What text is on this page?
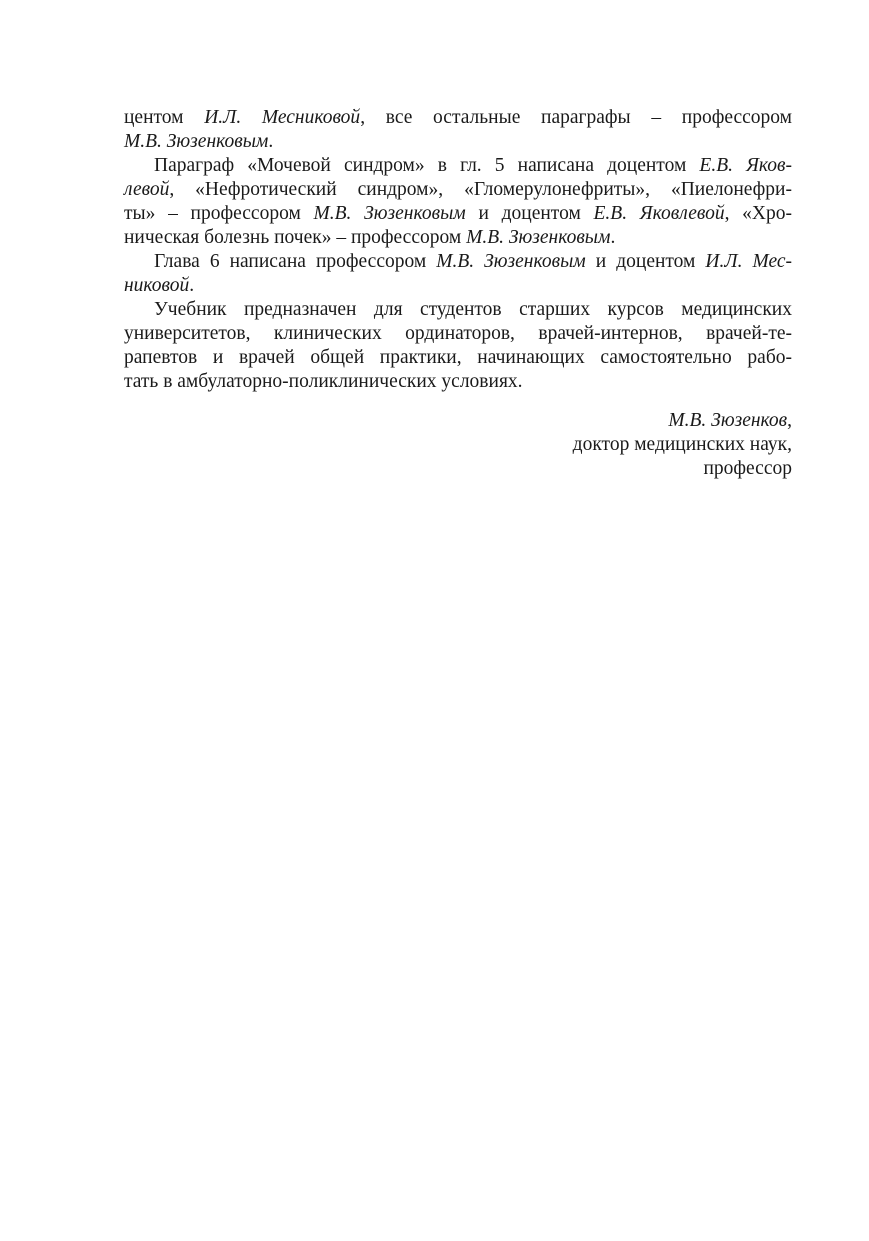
центом И.Л. Месниковой, все остальные параграфы – профессором
М.В. Зюзенковым.
Параграф «Мочевой синдром» в гл. 5 написана доцентом Е.В. Яков-
левой, «Нефротический синдром», «Гломерулонефриты», «Пиелонефри-
ты» – профессором М.В. Зюзенковым и доцентом Е.В. Яковлевой, «Хро-
ническая болезнь почек» – профессором М.В. Зюзенковым.
Глава 6 написана профессором М.В. Зюзенковым и доцентом И.Л. Мес-
никовой.
Учебник предназначен для студентов старших курсов медицинских
университетов, клинических ординаторов, врачей-интернов, врачей-те-
рапевтов и врачей общей практики, начинающих самостоятельно рабо-
тать в амбулаторно-поликлинических условиях.
М.В. Зюзенков,
доктор медицинских наук,
профессор
